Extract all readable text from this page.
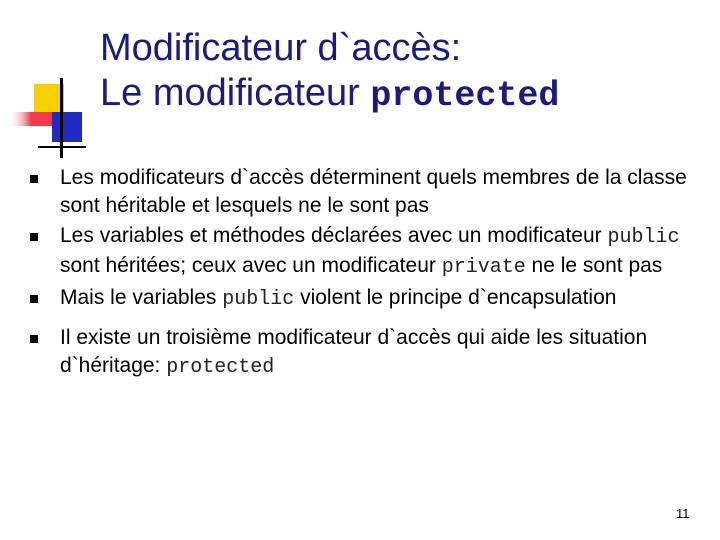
Modificateur d`accès:
Le modificateur protected
Les modificateurs d`accès déterminent quels membres de la classe sont héritable et lesquels ne le sont pas
Les variables et méthodes déclarées avec un modificateur public sont héritées; ceux avec un modificateur private ne le sont pas
Mais le variables public violent le principe d`encapsulation
Il existe un troisième modificateur d`accès qui aide les situation d`héritage: protected
11
